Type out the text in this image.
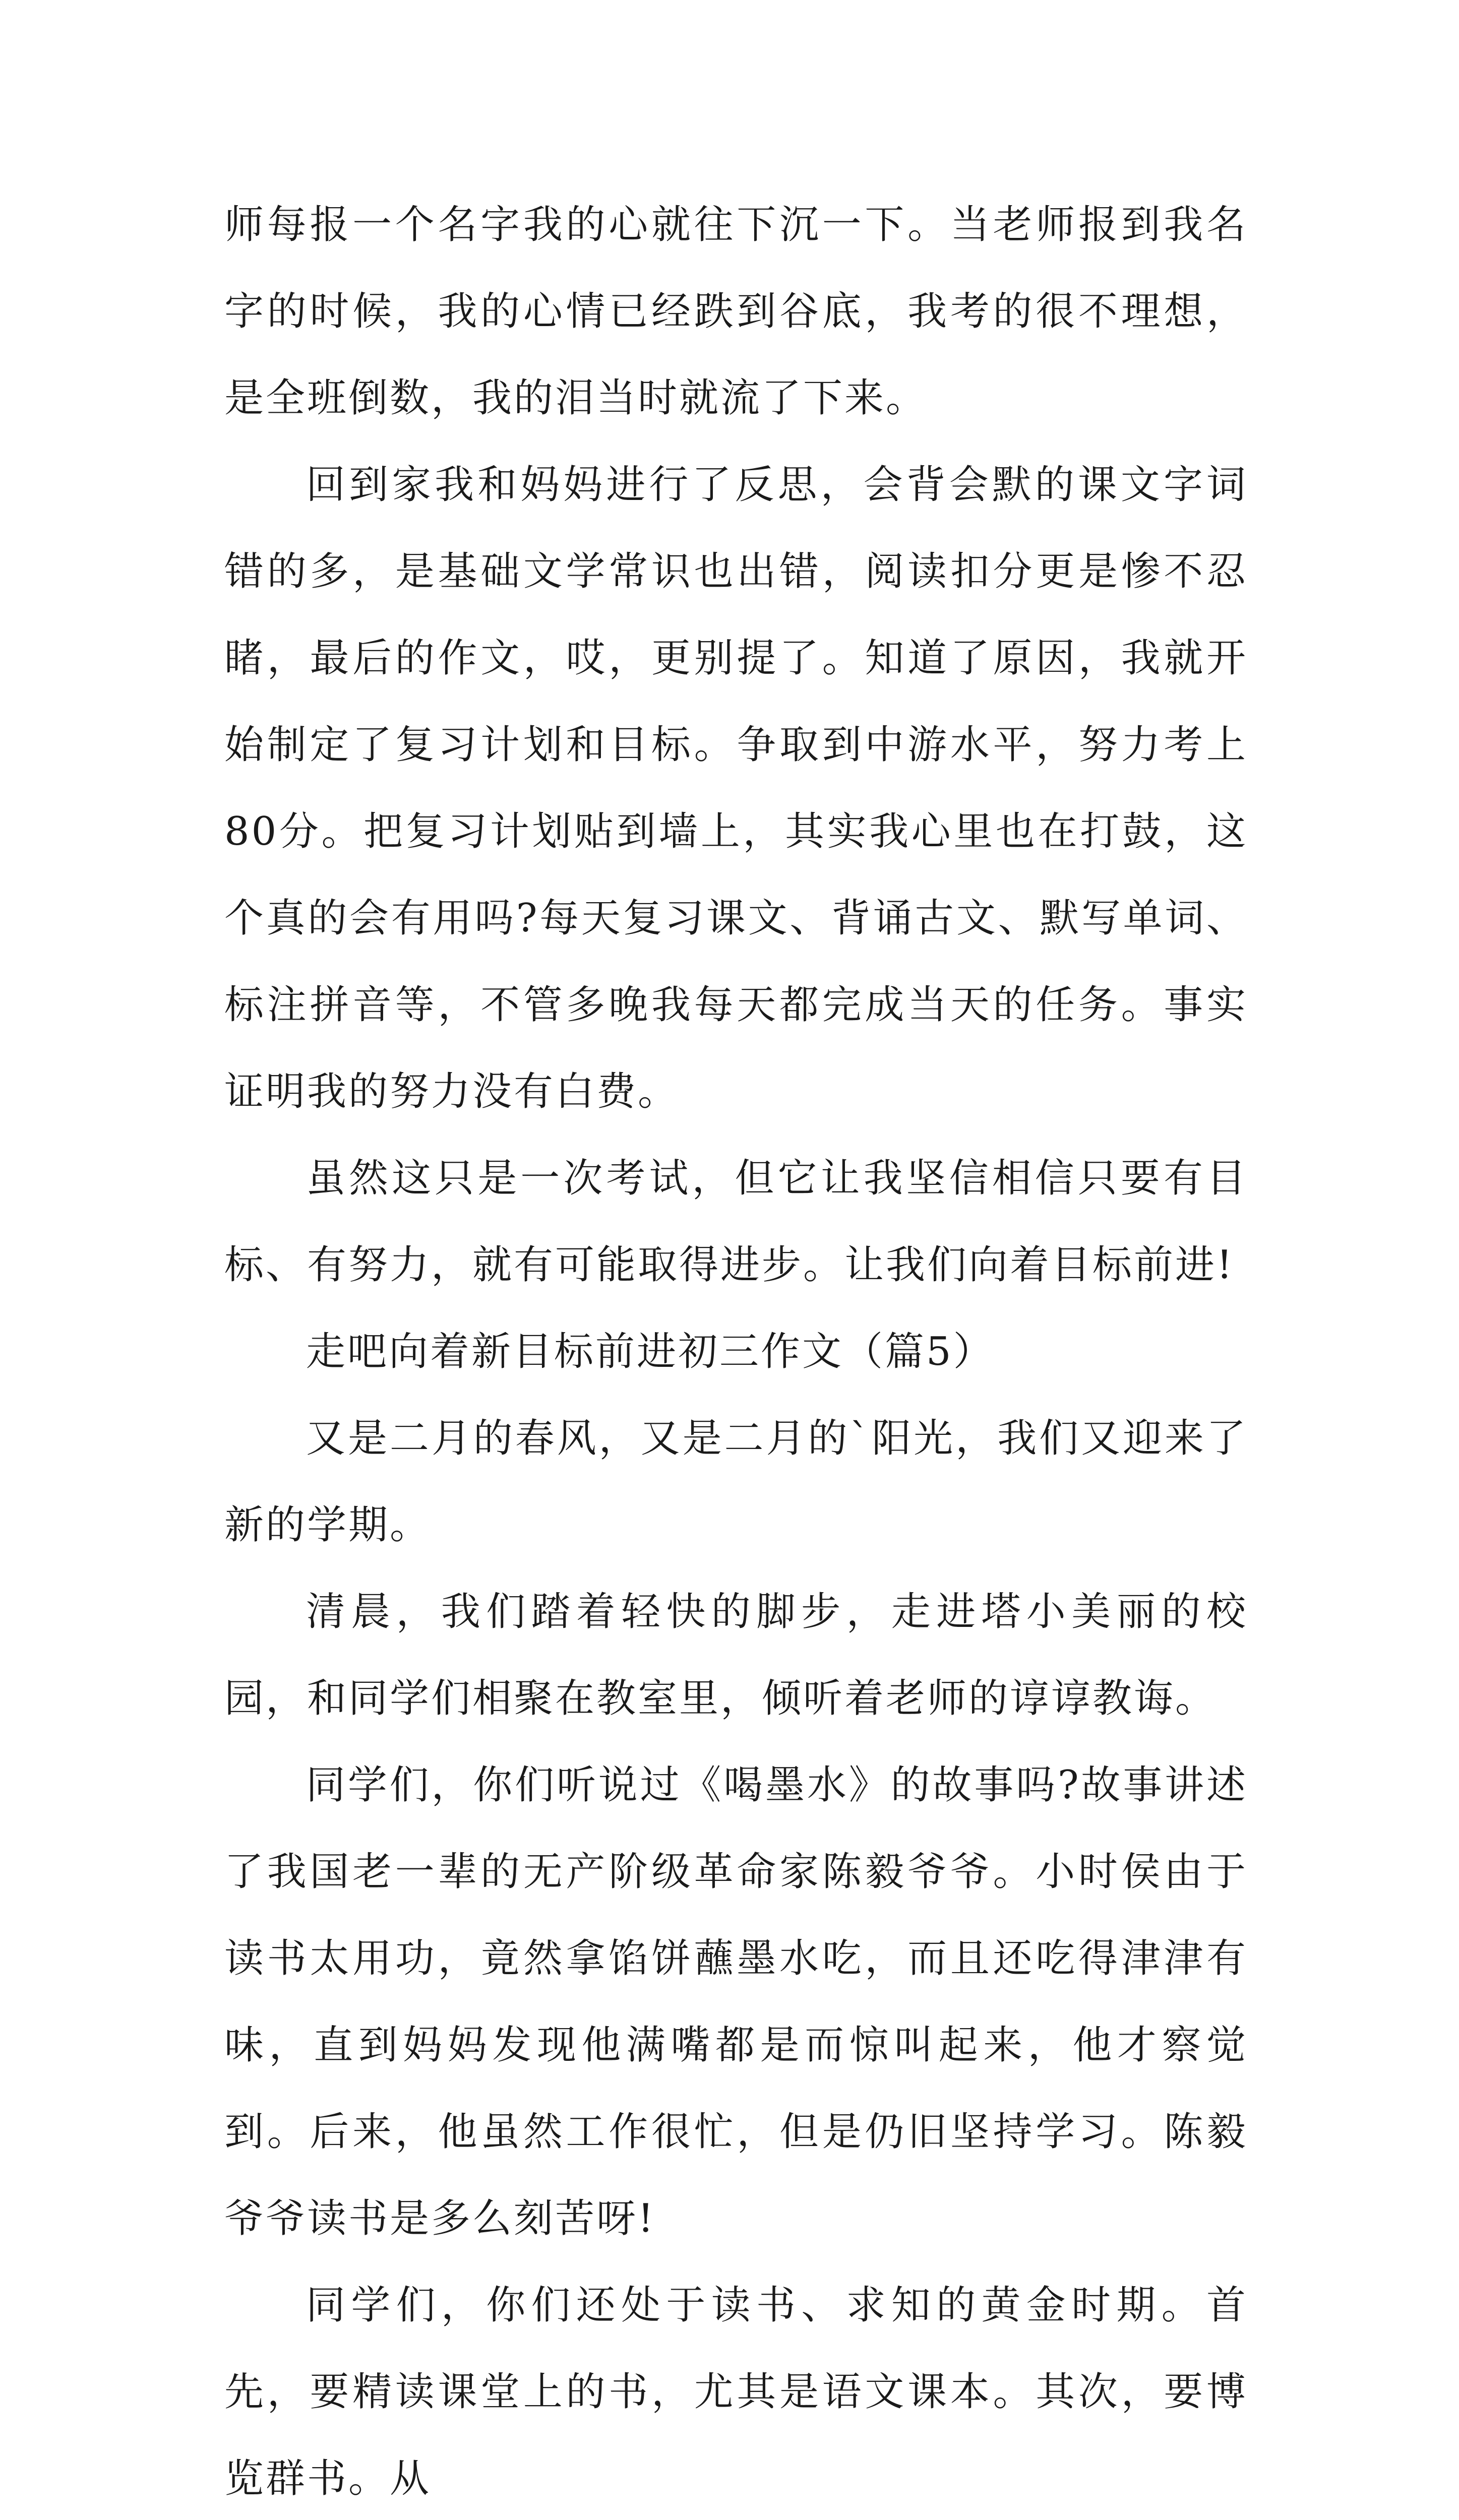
师每报一个名字我的心就往下沉一下。当老师报到我名字的时候，我的心情已经跌到谷底，我考的很不理想，是全班倒数，我的泪当时就流了下来。

回到家我和妈妈进行了反思，会背会默的课文字词错的多，是基础文学常识也出错，阅读扣分更是惨不忍睹，最后的作文，哎，更别提了。知道了原因，我就开始制定了复习计划和目标。争取到中游水平，努力考上80分。把复习计划贴到墙上，其实我心里也在打鼓，这个真的会有用吗?每天复习课文、背诵古文、默写单词、标注拼音等，不管多晚我每天都完成当天的任务。事实证明我的努力没有白费。

虽然这只是一次考试，但它让我坚信相信只要有目标、有努力，就有可能取得进步。让我们向着目标前进!

走吧向着新目标前进初三作文（篇5）

又是二月的春风，又是二月的`阳光，我们又迎来了新的学期。

清晨，我们踏着轻快的脚步，走进塔小美丽的校园，和同学们相聚在教室里，倾听着老师的谆谆教诲。

同学们，你们听说过《喝墨水》的故事吗?故事讲述了我国老一辈的无产阶级革命家陈毅爷爷。小时侯由于读书太用功，竟然拿馅饼蘸墨水吃，而且还吃得津津有味，直到妈妈发现他满嘴都是而惊叫起来，他才察觉到。后来，他虽然工作很忙，但是仍旧坚持学习。陈毅爷爷读书是多么刻苦呀!

同学们，你们还处于读书、求知的黄金时期。首先，要精读课堂上的书，尤其是语文课本。其次，要博览群书。从
